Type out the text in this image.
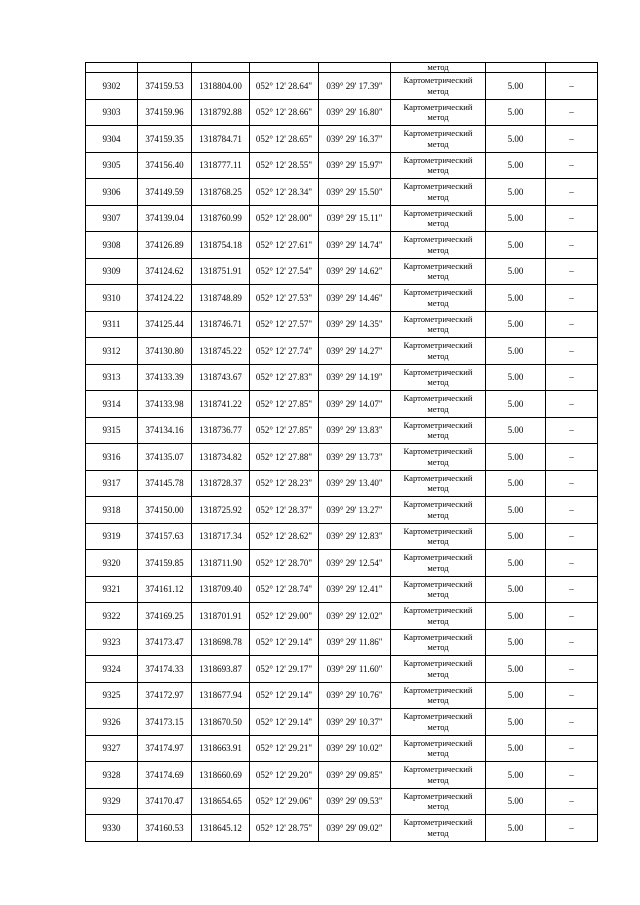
					метод		

9302	374159.53	1318804.00	052° 12' 28.64"	039° 29' 17.39"	Картометрический
метод	5.00	–
9303	374159.96	1318792.88	052° 12' 28.66"	039° 29' 16.80"	Картометрический
метод	5.00	–
9304	374159.35	1318784.71	052° 12' 28.65"	039° 29' 16.37"	Картометрический
метод	5.00	–
9305	374156.40	1318777.11	052° 12' 28.55"	039° 29' 15.97"	Картометрический
метод	5.00	–
9306	374149.59	1318768.25	052° 12' 28.34"	039° 29' 15.50"	Картометрический
метод	5.00	–
9307	374139.04	1318760.99	052° 12' 28.00"	039° 29' 15.11"	Картометрический
метод	5.00	–
9308	374126.89	1318754.18	052° 12' 27.61"	039° 29' 14.74"	Картометрический
метод	5.00	–
9309	374124.62	1318751.91	052° 12' 27.54"	039° 29' 14.62"	Картометрический
метод	5.00	–
9310	374124.22	1318748.89	052° 12' 27.53"	039° 29' 14.46"	Картометрический
метод	5.00	–
9311	374125.44	1318746.71	052° 12' 27.57"	039° 29' 14.35"	Картометрический
метод	5.00	–
9312	374130.80	1318745.22	052° 12' 27.74"	039° 29' 14.27"	Картометрический
метод	5.00	–
9313	374133.39	1318743.67	052° 12' 27.83"	039° 29' 14.19"	Картометрический
метод	5.00	–
9314	374133.98	1318741.22	052° 12' 27.85"	039° 29' 14.07"	Картометрический
метод	5.00	–
9315	374134.16	1318736.77	052° 12' 27.85"	039° 29' 13.83"	Картометрический
метод	5.00	–
9316	374135.07	1318734.82	052° 12' 27.88"	039° 29' 13.73"	Картометрический
метод	5.00	–
9317	374145.78	1318728.37	052° 12' 28.23"	039° 29' 13.40"	Картометрический
метод	5.00	–
9318	374150.00	1318725.92	052° 12' 28.37"	039° 29' 13.27"	Картометрический
метод	5.00	–
9319	374157.63	1318717.34	052° 12' 28.62"	039° 29' 12.83"	Картометрический
метод	5.00	–
9320	374159.85	1318711.90	052° 12' 28.70"	039° 29' 12.54"	Картометрический
метод	5.00	–
9321	374161.12	1318709.40	052° 12' 28.74"	039° 29' 12.41"	Картометрический
метод	5.00	–
9322	374169.25	1318701.91	052° 12' 29.00"	039° 29' 12.02"	Картометрический
метод	5.00	–
9323	374173.47	1318698.78	052° 12' 29.14"	039° 29' 11.86"	Картометрический
метод	5.00	–
9324	374174.33	1318693.87	052° 12' 29.17"	039° 29' 11.60"	Картометрический
метод	5.00	–
9325	374172.97	1318677.94	052° 12' 29.14"	039° 29' 10.76"	Картометрический
метод	5.00	–
9326	374173.15	1318670.50	052° 12' 29.14"	039° 29' 10.37"	Картометрический
метод	5.00	–
9327	374174.97	1318663.91	052° 12' 29.21"	039° 29' 10.02"	Картометрический
метод	5.00	–
9328	374174.69	1318660.69	052° 12' 29.20"	039° 29' 09.85"	Картометрический
метод	5.00	–
9329	374170.47	1318654.65	052° 12' 29.06"	039° 29' 09.53"	Картометрический
метод	5.00	–
9330	374160.53	1318645.12	052° 12' 28.75"	039° 29' 09.02"	Картометрический
метод	5.00	–
